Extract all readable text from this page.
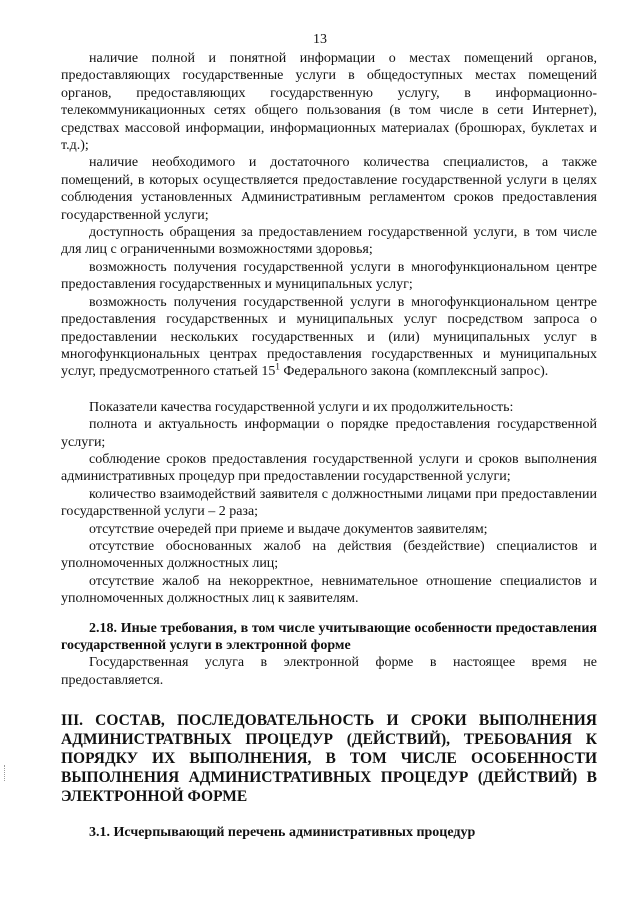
13

наличие полной и понятной информации о местах помещений органов, предоставляющих государственные услуги в общедоступных местах помещений органов, предоставляющих государственную услугу, в информационно-телекоммуникационных сетях общего пользования (в том числе в сети Интернет), средствах массовой информации, информационных материалах (брошюрах, буклетах и т.д.);

наличие необходимого и достаточного количества специалистов, а также помещений, в которых осуществляется предоставление государственной услуги в целях соблюдения установленных Административным регламентом сроков предоставления государственной услуги;

доступность обращения за предоставлением государственной услуги, в том числе для лиц с ограниченными возможностями здоровья;

возможность получения государственной услуги в многофункциональном центре предоставления государственных и муниципальных услуг;

возможность получения государственной услуги в многофункциональном центре предоставления государственных и муниципальных услуг посредством запроса о предоставлении нескольких государственных и (или) муниципальных услуг в многофункциональных центрах предоставления государственных и муниципальных услуг, предусмотренного статьей $15^1$ Федерального закона (комплексный запрос).

Показатели качества государственной услуги и их продолжительность:

полнота и актуальность информации о порядке предоставления государственной услуги;

соблюдение сроков предоставления государственной услуги и сроков выполнения административных процедур при предоставлении государственной услуги;

количество взаимодействий заявителя с должностными лицами при предоставлении государственной услуги – 2 раза;

отсутствие очередей при приеме и выдаче документов заявителям;

отсутствие обоснованных жалоб на действия (бездействие) специалистов и уполномоченных должностных лиц;

отсутствие жалоб на некорректное, невнимательное отношение специалистов и уполномоченных должностных лиц к заявителям.

2.18. Иные требования, в том числе учитывающие особенности предоставления государственной услуги в электронной форме

Государственная услуга в электронной форме в настоящее время не предоставляется.

III. СОСТАВ, ПОСЛЕДОВАТЕЛЬНОСТЬ И СРОКИ ВЫПОЛНЕНИЯ АДМИНИСТРАТВНЫХ ПРОЦЕДУР (ДЕЙСТВИЙ), ТРЕБОВАНИЯ К ПОРЯДКУ ИХ ВЫПОЛНЕНИЯ, В ТОМ ЧИСЛЕ ОСОБЕННОСТИ ВЫПОЛНЕНИЯ АДМИНИСТРАТИВНЫХ ПРОЦЕДУР (ДЕЙСТВИЙ) В ЭЛЕКТРОННОЙ ФОРМЕ

3.1. Исчерпывающий перечень административных процедур
